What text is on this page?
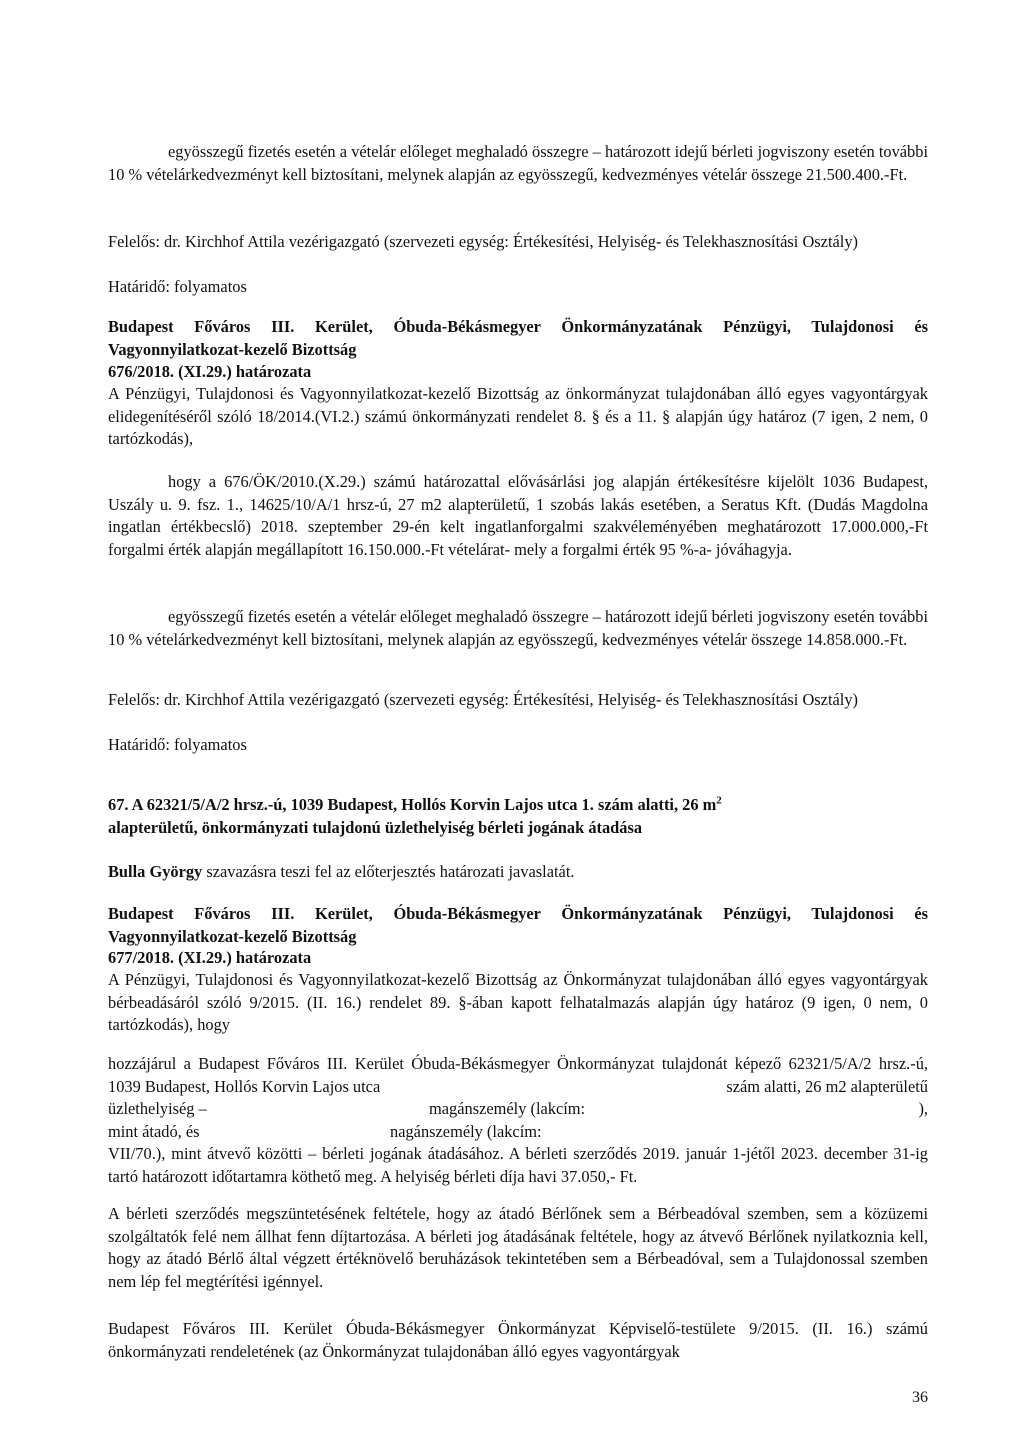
egyösszegű fizetés esetén a vételár előleget meghaladó összegre – határozott idejű bérleti jogviszony esetén további 10 % vételárkedvezményt kell biztosítani, melynek alapján az egyösszegű, kedvezményes vételár összege 21.500.400.-Ft.

Felelős: dr. Kirchhof Attila vezérigazgató (szervezeti egység: Értékesítési, Helyiség- és Telekhasznosítási Osztály)

Határidő: folyamatos

Budapest Főváros III. Kerület, Óbuda-Békásmegyer Önkormányzatának Pénzügyi, Tulajdonosi és Vagyonnyilatkozat-kezelő Bizottság

676/2018. (XI.29.) határozata

A Pénzügyi, Tulajdonosi és Vagyonnyilatkozat-kezelő Bizottság az önkormányzat tulajdonában álló egyes vagyontárgyak elidegenítéséről szóló 18/2014.(VI.2.) számú önkormányzati rendelet 8. § és a 11. § alapján úgy határoz (7 igen, 2 nem, 0 tartózkodás),

hogy a 676/ÖK/2010.(X.29.) számú határozattal elővásárlási jog alapján értékesítésre kijelölt 1036 Budapest, Uszály u. 9. fsz. 1., 14625/10/A/1 hrsz-ú, 27 m2 alapterületű, 1 szobás lakás esetében, a Seratus Kft. (Dudás Magdolna ingatlan értékbecslő) 2018. szeptember 29-én kelt ingatlanforgalmi szakvéleményében meghatározott 17.000.000,-Ft forgalmi érték alapján megállapított 16.150.000.-Ft vételárat- mely a forgalmi érték 95 %-a- jóváhagyja.

egyösszegű fizetés esetén a vételár előleget meghaladó összegre – határozott idejű bérleti jogviszony esetén további 10 % vételárkedvezményt kell biztosítani, melynek alapján az egyösszegű, kedvezményes vételár összege 14.858.000.-Ft.

Felelős: dr. Kirchhof Attila vezérigazgató (szervezeti egység: Értékesítési, Helyiség- és Telekhasznosítási Osztály)

Határidő: folyamatos

67. A 62321/5/A/2 hrsz.-ú, 1039 Budapest, Hollós Korvin Lajos utca 1. szám alatti, 26 $m^2$
alapterületű, önkormányzati tulajdonú üzlethelyiség bérleti jogának átadása

Bulla György szavazásra teszi fel az előterjesztés határozati javaslatát.

Budapest Főváros III. Kerület, Óbuda-Békásmegyer Önkormányzatának Pénzügyi, Tulajdonosi és Vagyonnyilatkozat-kezelő Bizottság

677/2018. (XI.29.) határozata

A Pénzügyi, Tulajdonosi és Vagyonnyilatkozat-kezelő Bizottság az Önkormányzat tulajdonában álló egyes vagyontárgyak bérbeadásáról szóló 9/2015. (II. 16.) rendelet 89. §-ában kapott felhatalmazás alapján úgy határoz (9 igen, 0 nem, 0 tartózkodás), hogy

hozzájárul a Budapest Főváros III. Kerület Óbuda-Békásmegyer Önkormányzat tulajdonát képező 62321/5/A/2 hrsz.-ú, 1039 Budapest, Hollós Korvin Lajos utca	szám alatti, 26 m2 alapterületű
üzlethelyiség –	magánszemély (lakcím:	),
mint átadó, és	nagánszemély (lakcím:

VII/70.), mint átvevő közötti – bérleti jogának átadásához. A bérleti szerződés 2019. január 1-jétől 2023. december 31-ig tartó határozott időtartamra köthető meg. A helyiség bérleti díja havi 37.050,- Ft.

A bérleti szerződés megszüntetésének feltétele, hogy az átadó Bérlőnek sem a Bérbeadóval szemben, sem a közüzemi szolgáltatók felé nem állhat fenn díjtartozása. A bérleti jog átadásának feltétele, hogy az átvevő Bérlőnek nyilatkoznia kell, hogy az átadó Bérlő által végzett értéknövelő beruházások tekintetében sem a Bérbeadóval, sem a Tulajdonossal szemben nem lép fel megtérítési igénnyel.

Budapest Főváros III. Kerület Óbuda-Békásmegyer Önkormányzat Képviselő-testülete 9/2015. (II. 16.) számú önkormányzati rendeletének (az Önkormányzat tulajdonában álló egyes vagyontárgyak

36
